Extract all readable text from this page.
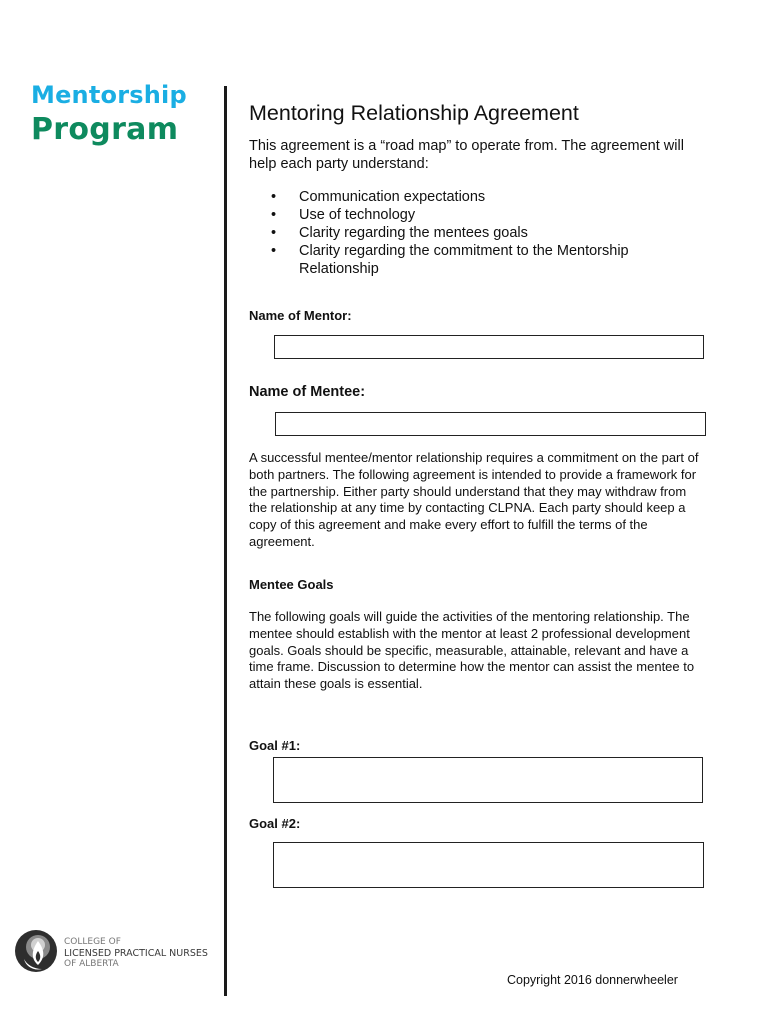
Mentorship
Program	Mentoring Relationship Agreement
This agreement is a “road map” to operate from. The agreement will help each party understand:
• Communication expectations
• Use of technology
• Clarity regarding the mentees goals
• Clarity regarding the commitment to the Mentorship Relationship
Name of Mentor:
Name of Mentee:
A successful mentee/mentor relationship requires a commitment on the part of both partners. The following agreement is intended to provide a framework for the partnership. Either party should understand that they may withdraw from the relationship at any time by contacting CLPNA. Each party should keep a copy of this agreement and make every effort to fulfill the terms of the agreement.
Mentee Goals
The following goals will guide the activities of the mentoring relationship. The mentee should establish with the mentor at least 2 professional development goals. Goals should be specific, measurable, attainable, relevant and have a time frame. Discussion to determine how the mentor can assist the mentee to attain these goals is essential.
Goal #1:
Goal #2:
COLLEGE OF
LICENSED PRACTICAL NURSES
OF ALBERTA
Copyright 2016 donnerwheeler
